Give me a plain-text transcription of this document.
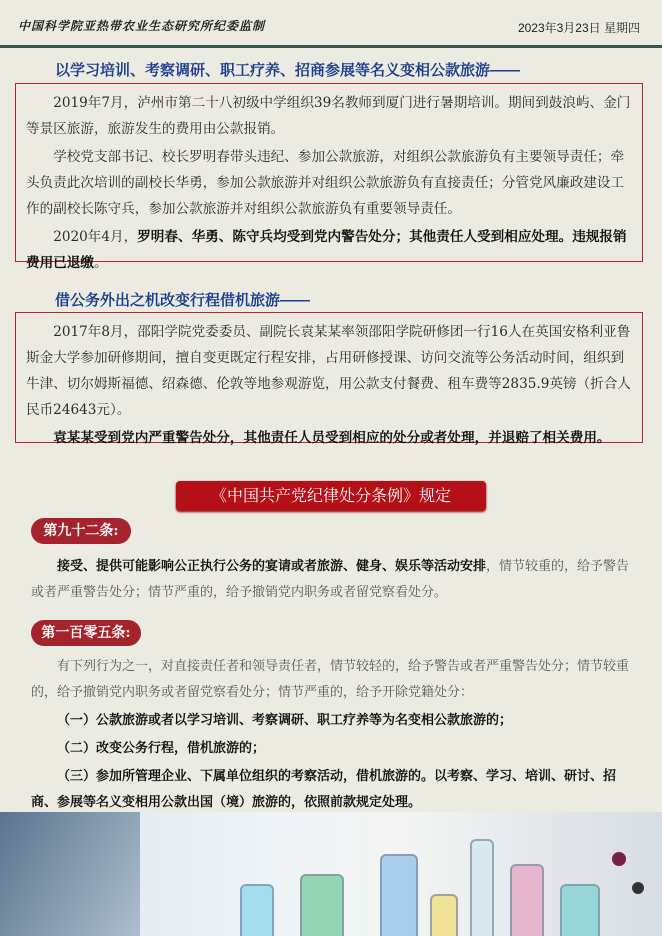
中国科学院亚热带农业生态研究所纪委监制	2023年3月23日 星期四
以学习培训、考察调研、职工疗养、招商参展等名义变相公款旅游——

2019年7月，泸州市第二十八初级中学组织39名教师到厦门进行暑期培训。期间到鼓浪屿、金门等景区旅游，旅游发生的费用由公款报销。

学校党支部书记、校长罗明春带头违纪、参加公款旅游，对组织公款旅游负有主要领导责任；牵头负责此次培训的副校长华勇，参加公款旅游并对组织公款旅游负有直接责任；分管党风廉政建设工作的副校长陈守兵，参加公款旅游并对组织公款旅游负有重要领导责任。

2020年4月，罗明春、华勇、陈守兵均受到党内警告处分；其他责任人受到相应处理。违规报销费用已退缴。

借公务外出之机改变行程借机旅游——

2017年8月，邵阳学院党委委员、副院长袁某某率领邵阳学院研修团一行16人在英国安格利亚鲁斯金大学参加研修期间，擅自变更既定行程安排，占用研修授课、访问交流等公务活动时间，组织到牛津、切尔姆斯福德、绍森德、伦敦等地参观游览，用公款支付餐费、租车费等2835.9英镑（折合人民币24643元）。

袁某某受到党内严重警告处分，其他责任人员受到相应的处分或者处理，并退赔了相关费用。

《中国共产党纪律处分条例》规定
第九十二条:

接受、提供可能影响公正执行公务的宴请或者旅游、健身、娱乐等活动安排，情节较重的，给予警告或者严重警告处分；情节严重的，给予撤销党内职务或者留党察看处分。

第一百零五条:

有下列行为之一，对直接责任者和领导责任者，情节较轻的，给予警告或者严重警告处分；情节较重的，给予撤销党内职务或者留党察看处分；情节严重的，给予开除党籍处分：

（一）公款旅游或者以学习培训、考察调研、职工疗养等为名变相公款旅游的；

（二）改变公务行程，借机旅游的；

（三）参加所管理企业、下属单位组织的考察活动，借机旅游的。以考察、学习、培训、研讨、招商、参展等名义变相用公款出国（境）旅游的，依照前款规定处理。
